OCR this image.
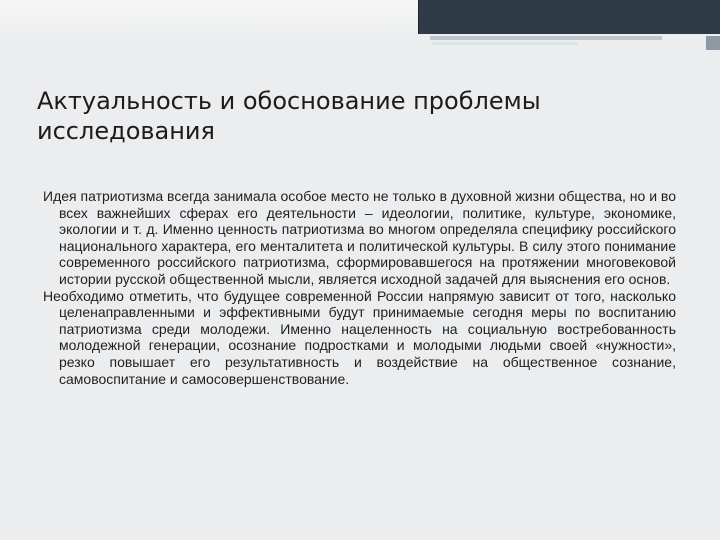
Актуальность и обоснование проблемы исследования

Идея патриотизма всегда занимала особое место не только в духовной жизни общества, но и во всех важнейших сферах его деятельности – идеологии, политике, культуре, экономике, экологии и т. д. Именно ценность патриотизма во многом определяла специфику российского национального характера, его менталитета и политической культуры. В силу этого понимание современного российского патриотизма, сформировавшегося на протяжении многовековой истории русской общественной мысли, является исходной задачей для выяснения его основ.

Необходимо отметить, что будущее современной России напрямую зависит от того, насколько целенаправленными и эффективными будут принимаемые сегодня меры по воспитанию патриотизма среди молодежи. Именно нацеленность на социальную востребованность молодежной генерации, осознание подростками и молодыми людьми своей «нужности», резко повышает его результативность и воздействие на общественное сознание, самовоспитание и самосовершенствование.
